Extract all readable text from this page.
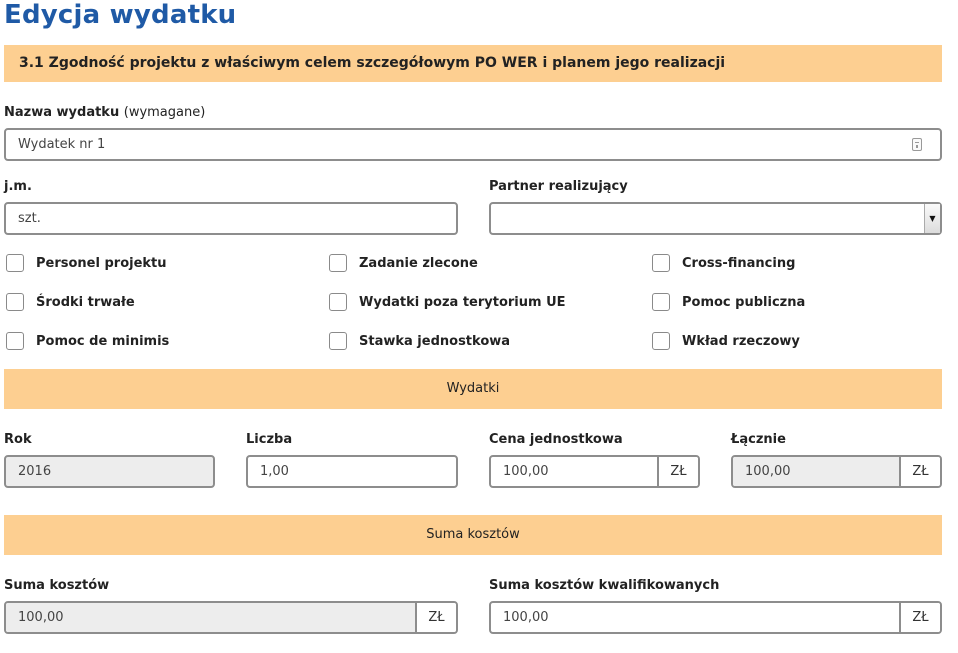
Edycja wydatku
3.1 Zgodność projektu z właściwym celem szczegółowym PO WER i planem jego realizacji
Nazwa wydatku (wymagane)
Wydatek nr 1
j.m.
szt.
Partner realizujący
▼
Personel projektu	Zadanie zlecone	Cross-financing
Środki trwałe	Wydatki poza terytorium UE	Pomoc publiczna
Pomoc de minimis	Stawka jednostkowa	Wkład rzeczowy
Wydatki
Rok
2016
Liczba
1,00
Cena jednostkowa
100,00	ZŁ
Łącznie
100,00	ZŁ
Suma kosztów
Suma kosztów
100,00	ZŁ
Suma kosztów kwalifikowanych
100,00	ZŁ
